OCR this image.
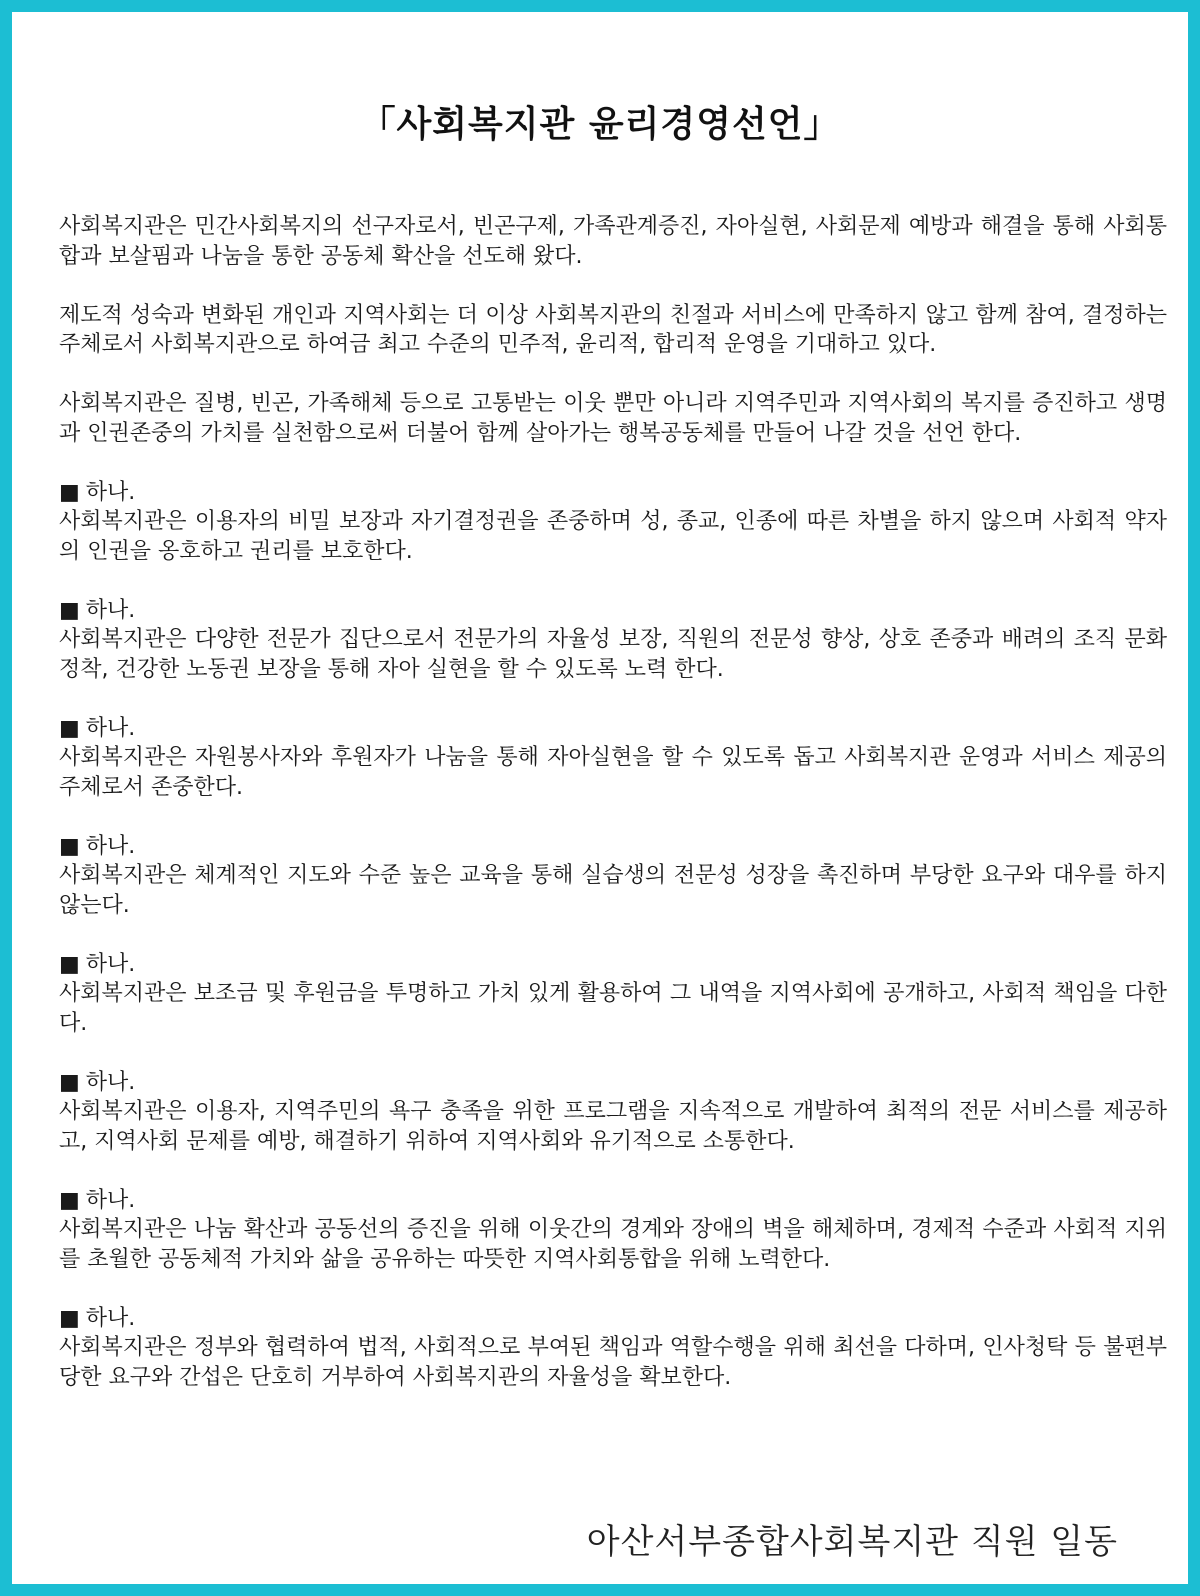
「사회복지관 윤리경영선언」

사회복지관은 민간사회복지의 선구자로서, 빈곤구제, 가족관계증진, 자아실현, 사회문제 예방과 해결을 통해 사회통합과 보살핌과 나눔을 통한 공동체 확산을 선도해 왔다.

제도적 성숙과 변화된 개인과 지역사회는 더 이상 사회복지관의 친절과 서비스에 만족하지 않고 함께 참여, 결정하는 주체로서 사회복지관으로 하여금 최고 수준의 민주적, 윤리적, 합리적 운영을 기대하고 있다.

사회복지관은 질병, 빈곤, 가족해체 등으로 고통받는 이웃 뿐만 아니라 지역주민과 지역사회의 복지를 증진하고 생명과 인권존중의 가치를 실천함으로써 더불어 함께 살아가는 행복공동체를 만들어 나갈 것을 선언 한다.

■ 하나.
사회복지관은 이용자의 비밀 보장과 자기결정권을 존중하며 성, 종교, 인종에 따른 차별을 하지 않으며 사회적 약자의 인권을 옹호하고 권리를 보호한다.
■ 하나.
사회복지관은 다양한 전문가 집단으로서 전문가의 자율성 보장, 직원의 전문성 향상, 상호 존중과 배려의 조직 문화 정착, 건강한 노동권 보장을 통해 자아 실현을 할 수 있도록 노력 한다.
■ 하나.
사회복지관은 자원봉사자와 후원자가 나눔을 통해 자아실현을 할 수 있도록 돕고 사회복지관 운영과 서비스 제공의 주체로서 존중한다.
■ 하나.
사회복지관은 체계적인 지도와 수준 높은 교육을 통해 실습생의 전문성 성장을 촉진하며 부당한 요구와 대우를 하지 않는다.
■ 하나.
사회복지관은 보조금 및 후원금을 투명하고 가치 있게 활용하여 그 내역을 지역사회에 공개하고, 사회적 책임을 다한다.
■ 하나.
사회복지관은 이용자, 지역주민의 욕구 충족을 위한 프로그램을 지속적으로 개발하여 최적의 전문 서비스를 제공하고, 지역사회 문제를 예방, 해결하기 위하여 지역사회와 유기적으로 소통한다.
■ 하나.
사회복지관은 나눔 확산과 공동선의 증진을 위해 이웃간의 경계와 장애의 벽을 해체하며, 경제적 수준과 사회적 지위를 초월한 공동체적 가치와 삶을 공유하는 따뜻한 지역사회통합을 위해 노력한다.
■ 하나.
사회복지관은 정부와 협력하여 법적, 사회적으로 부여된 책임과 역할수행을 위해 최선을 다하며, 인사청탁 등 불편부당한 요구와 간섭은 단호히 거부하여 사회복지관의 자율성을 확보한다.
아산서부종합사회복지관 직원 일동
